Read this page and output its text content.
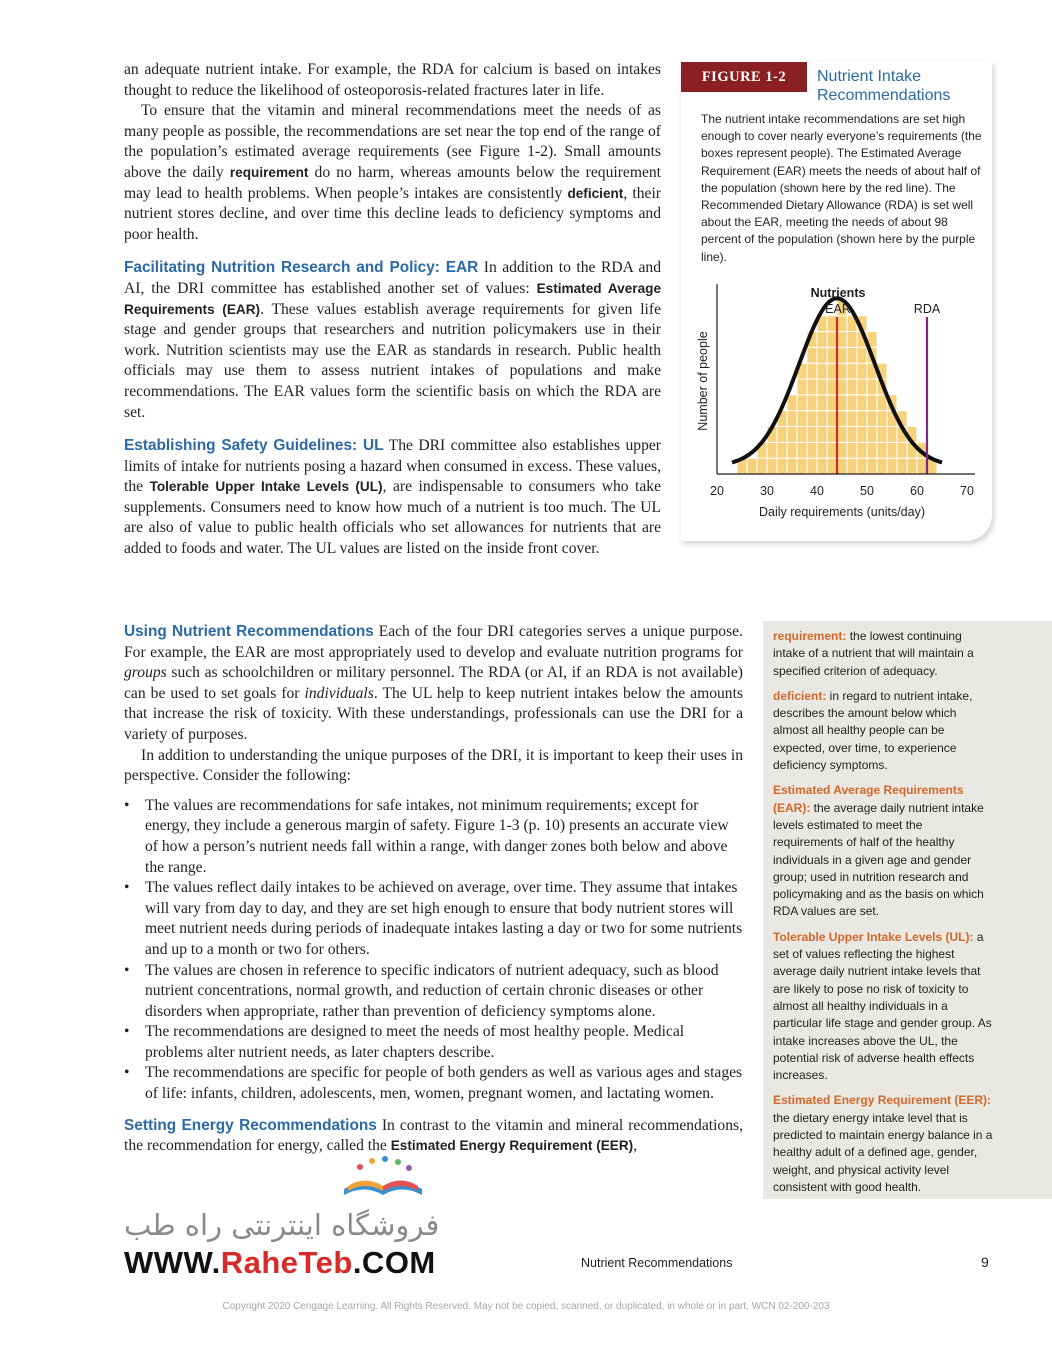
an adequate nutrient intake. For example, the RDA for calcium is based on intakes thought to reduce the likelihood of osteoporosis-related fractures later in life.

To ensure that the vitamin and mineral recommendations meet the needs of as many people as possible, the recommendations are set near the top end of the range of the population’s estimated average requirements (see Figure 1-2). Small amounts above the daily requirement do no harm, whereas amounts below the requirement may lead to health problems. When people’s intakes are consistently deficient, their nutrient stores decline, and over time this decline leads to deficiency symptoms and poor health.

Facilitating Nutrition Research and Policy: EAR In addition to the RDA and AI, the DRI committee has established another set of values: Estimated Average Requirements (EAR). These values establish average requirements for given life stage and gender groups that researchers and nutrition policymakers use in their work. Nutrition scientists may use the EAR as standards in research. Public health officials may use them to assess nutrient intakes of populations and make recommendations. The EAR values form the scientific basis on which the RDA are set.

Establishing Safety Guidelines: UL The DRI committee also establishes upper limits of intake for nutrients posing a hazard when consumed in excess. These values, the Tolerable Upper Intake Levels (UL), are indispensable to consumers who take supplements. Consumers need to know how much of a nutrient is too much. The UL are also of value to public health officials who set allowances for nutrients that are added to foods and water. The UL values are listed on the inside front cover.

Using Nutrient Recommendations Each of the four DRI categories serves a unique purpose. For example, the EAR are most appropriately used to develop and evaluate nutrition programs for groups such as schoolchildren or military personnel. The RDA (or AI, if an RDA is not available) can be used to set goals for individuals. The UL help to keep nutrient intakes below the amounts that increase the risk of toxicity. With these understandings, professionals can use the DRI for a variety of purposes.

In addition to understanding the unique purposes of the DRI, it is important to keep their uses in perspective. Consider the following:

• The values are recommendations for safe intakes, not minimum requirements; except for energy, they include a generous margin of safety. Figure 1-3 (p. 10) presents an accurate view of how a person’s nutrient needs fall within a range, with danger zones both below and above the range.
• The values reflect daily intakes to be achieved on average, over time. They assume that intakes will vary from day to day, and they are set high enough to ensure that body nutrient stores will meet nutrient needs during periods of inadequate intakes lasting a day or two for some nutrients and up to a month or two for others.
• The values are chosen in reference to specific indicators of nutrient adequacy, such as blood nutrient concentrations, normal growth, and reduction of certain chronic diseases or other disorders when appropriate, rather than prevention of deficiency symptoms alone.
• The recommendations are designed to meet the needs of most healthy people. Medical problems alter nutrient needs, as later chapters describe.
• The recommendations are specific for people of both genders as well as various ages and stages of life: infants, children, adolescents, men, women, pregnant women, and lactating women.

Setting Energy Recommendations In contrast to the vitamin and mineral recommendations, the recommendation for energy, called the Estimated Energy Requirement (EER),

FIGURE 1-2	Nutrient Intake Recommendations
The nutrient intake recommendations are set high enough to cover nearly everyone’s requirements (the boxes represent people). The Estimated Average Requirement (EAR) meets the needs of about half of the population (shown here by the red line). The Recommended Dietary Allowance (RDA) is set well about the EAR, meeting the needs of about 98 percent of the population (shown here by the purple line).
20	30	40	50	60	70
Nutrients
EAR	RDA
Daily requirements (units/day)
Number of people

requirement: the lowest continuing intake of a nutrient that will maintain a specified criterion of adequacy.

deficient: in regard to nutrient intake, describes the amount below which almost all healthy people can be expected, over time, to experience deficiency symptoms.

Estimated Average Requirements (EAR): the average daily nutrient intake levels estimated to meet the requirements of half of the healthy individuals in a given age and gender group; used in nutrition research and policymaking and as the basis on which RDA values are set.

Tolerable Upper Intake Levels (UL): a set of values reflecting the highest average daily nutrient intake levels that are likely to pose no risk of toxicity to almost all healthy individuals in a particular life stage and gender group. As intake increases above the UL, the potential risk of adverse health effects increases.

Estimated Energy Requirement (EER): the dietary energy intake level that is predicted to maintain energy balance in a healthy adult of a defined age, gender, weight, and physical activity level consistent with good health.

فروشگاه اینترنتی راه طب
WWW.RaheTeb.COM	Nutrient Recommendations	9
Copyright 2020 Cengage Learning. All Rights Reserved. May not be copied, scanned, or duplicated, in whole or in part. WCN 02-200-203
